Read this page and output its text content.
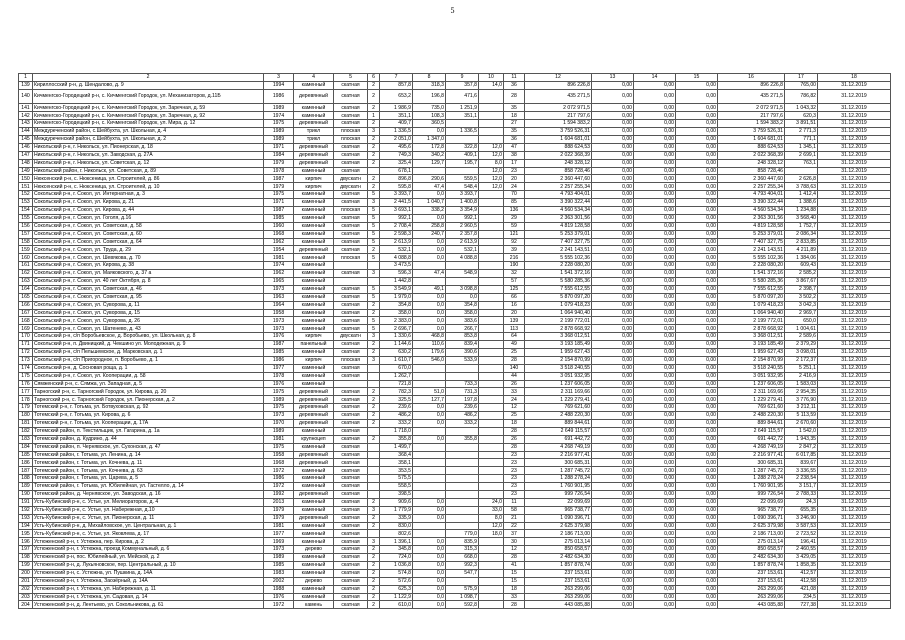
5
1	2	3	4	5	6	7	8	9	10	11	12	13	14	15	16	17	18
139	Кириллосский р-н, д. Шендалово, д. 9	1994	каменный	скатная	2	857,8	318,3	357,8	14,0	36	896 226,8	0,00	0,00	0,00	896 226,8	765,00	31.12.2019
140	Кичменгско-Городецкий р-н, с. Кичменгский Городок, ул. Механизаторов, д.11Б	1986	деревянный	скатная	2	653,2	196,8	471,6		28	435 271,5	0,00	0,00	0,00	435 271,5	786,82	31.12.2019
141	Кичменгско-Городецкий р-н, с. Кичменгский Городок, ул. Заречная, д. 59	1989	каменный	скатная	2	1 986,9	735,0	1 251,9		35	2 072 971,5	0,00	0,00	0,00	2 072 971,5	1 043,32	31.12.2019
142	Кичменгско-Городецкий р-н, с. Кичменгский Городок, ул. Заречная, д. 92	1974	каменный	скатная	1	351,1	108,3	351,1		18	217 797,6	0,00	0,00	0,00	217 797,6	620,3	31.12.2019
143	Кичменгско-Городецкий р-н, с. Кичменгский Городок, ул. Мира, д. 12	1975	деревянный	скатная	2	409,7	360,5			27	1 594 383,2	0,00	0,00	0,00	1 594 383,2	3 891,51	31.12.2019
144	Междуреченский район, с.Шейбухта, ул. Школьная, д. 4	1989	трикл	плоская	3	1 336,5	0,0	1 336,5		35	3 759 526,31	0,00	0,00	0,00	3 759 526,31	2 771,3	31.12.2019
145	Междуреченский район, с.Шейбухта, ул. Школьная, д. 2	1989	трикл	плоская	2	2 051,0	1 347,0			36	1 604 681,01	0,00	0,00	0,00	1 604 681,01	771,1	31.12.2019
146	Никольский р-н, г. Никольск, ул. Пионерская, д. 18	1971	деревянный	скатная	2	495,6	172,8	322,8	12,0	47	888 624,53	0,00	0,00	0,00	888 624,53	1 345,1	31.12.2019
147	Никольский р-н, г. Никольск, ул. Заводская, д. 27А	1984	деревянный	скатная	2	749,3	340,2	409,1	12,0	38	2 022 368,39	0,00	0,00	0,00	2 022 368,39	2 699,1	31.12.2019
148	Никольский р-н, г. Никольск, ул. Советская, д. 12	1979	деревянный	скатная	2	325,4	129,7	195,7	8,0	17	248 328,12	0,00	0,00	0,00	248 328,12	763,1	31.12.2019
149	Никольский район, г. Никольск, ул. Советская, д. 89	1978	каменный	скатная		678,1			12,0	23	858 728,46	0,00	0,00	0,00	858 728,46		31.12.2019
150	Нюксенский р-н, с. Нюксеница, ул. Строителей, д. 86	1987	кирпич	двускатн	2	896,8	290,6	559,5	12,0	20	2 360 447,60	0,00	0,00	0,00	2 360 447,60	2 626,8	31.12.2019
151	Нюксенский р-н, с. Нюксеница, ул. Строителей, д. 10	1979	кирпич	двускатн	2	595,8	47,4	548,4	12,0	24	2 257 255,34	0,00	0,00	0,00	2 257 255,34	3 788,63	31.12.2019
152	Сокольский р-н, г. Сокол, ул. Интернатная, д. 3	1975	каменный	скатная	5	3 393,7	0,0	3 393,7		70	4 793 404,01	0,00	0,00	0,00	4 793 404,01	1 412,4	31.12.2019
153	Сокольский р-н, г. Сокол, ул. Кирова, д. 21	1971	каменный	скатная	3	2 441,5	1 040,7	1 400,8		85	3 390 322,44	0,00	0,00	0,00	3 390 322,44	1 388,6	31.12.2019
154	Сокольский р-н, г. Сокол, ул. Кирова, д. 44	1987	каменный	плоская	5	3 693,1	338,2	3 354,9		136	4 560 534,34	0,00	0,00	0,00	4 560 534,34	1 234,88	31.12.2019
155	Сокольский р-н, г. Сокол, ул. Гоголя, д.16	1985	каменный	скатная	5	992,1	0,0	992,1		29	2 363 301,56	0,00	0,00	0,00	2 363 301,56	3 568,40	31.12.2019
156	Сокольский р-н, г. Сокол, ул. Советская, д. 58	1960	каменный	скатная	5	2 708,4	258,8	2 960,5		59	4 819 128,58	0,00	0,00	0,00	4 819 128,58	1 752,7	31.12.2019
157	Сокольский р-н, г. Сокол, ул. Советская, д. 60	1968	каменный	скатная	5	2 598,3	240,7	2 357,8		121	5 253 379,01	0,00	0,00	0,00	5 253 379,01	2 086,34	31.12.2019
158	Сокольский р-н, г. Сокол, ул. Советская, д. 64	1962	каменный	скатная	5	2 613,9	0,0	2 613,9		92	7 407 327,75	0,00	0,00	0,00	7 407 327,75	2 833,85	31.12.2019
159	Сокольский р-н, г. Сокол, ул. Труда, д. 29	1954	деревянный	скатная	2	532,1	0,0	532,1		39	2 241 143,51	0,00	0,00	0,00	2 241 143,51	4 211,89	31.12.2019
160	Сокольский р-н, г. Сокол, ул. Шевякова, д. 70	1981	каменный	плоская	5	4 088,8	0,0	4 088,8		216	5 555 102,36	0,00	0,00	0,00	5 555 102,36	1 384,06	31.12.2019
161	Сокольский р-н, г. Сокол, ул. Кирова, д. 38	1974	каменный			3 473,5				190	2 228 080,20	0,00	0,00	0,00	2 228 080,20	609,43	31.12.2019
162	Сокольский р-н, г. Сокол, ул. Маяковского, д. 37 а	1962	каменный	скатная	3	596,3	47,4	548,9		32	1 541 372,16	0,00	0,00	0,00	1 541 372,16	2 585,2	31.12.2019
163	Сокольский р-н, г. Сокол, ул. 40 лет Октября, д. 8	1965	каменный			1 442,8				57	5 580 285,36	0,00	0,00	0,00	5 580 285,36	3 867,67	31.12.2019
164	Сокольский р-н, г. Сокол, ул. Советская, д. 46	1973	каменный	скатная	5	3 549,9	49,1	3 098,8		125	7 555 612,55	0,00	0,00	0,00	7 555 612,55	2 398,7	31.12.2019
165	Сокольский р-н, г. Сокол, ул. Советская, д. 95	1963	каменный	скатная	5	1 979,0	0,0	0,0		66	5 870 097,20	0,00	0,00	0,00	5 870 097,20	3 502,2	31.12.2019
166	Сокольский р-н, г. Сокол, ул. Суворова, д. 11	1964	каменный	скатная	2	354,8	0,0	354,8		16	1 079 418,23	0,00	0,00	0,00	1 079 418,23	3 042,3	31.12.2019
167	Сокольский р-н, г. Сокол, ул. Суворова, д. 15	1958	каменный	скатная	2	358,0	0,0	358,0		20	1 064 940,40	0,00	0,00	0,00	1 064 940,40	2 969,7	31.12.2019
168	Сокольский р-н, г. Сокол, ул. Суворова, д. 26	1973	каменный	скатная	5	2 383,0	0,0	383,6		139	2 199 772,01	0,00	0,00	0,00	2 199 772,01	650,0	31.12.2019
169	Сокольский р-н, г. Сокол, ул. Шатенево, д. 43	1973	каменный	скатная	5	2 696,7	0,0	266,7		113	2 878 668,92	0,00	0,00	0,00	2 878 668,92	1 004,61	31.12.2019
170	Сокольский р-н, с/п Воробьевское, д. Воробьево, ул. Школьная, д. 8	1976	кирпич	двускатн	3	1 330,6	468,8	853,8		64	3 368 012,51	0,00	0,00	0,00	3 368 012,51	2 589,6	31.12.2019
171	Сокольский р-н, п. Двиницкий, д. Чекшино ул. Молодежная, д. 9	1987	панельный	скатная	2	1 144,6	110,6	839,4		49	3 193 185,49	0,00	0,00	0,00	3 193 185,49	2 379,29	31.12.2019
172	Сокольский р-н, с/п Пельшемское, д. Марковская, д. 1	1985	каменный	скатная	2	630,2	179,6	390,6		25	1 959 627,43	0,00	0,00	0,00	1 959 627,43	3 098,01	31.12.2019
173	Сокольский р-н, с/п Пригородное, п. Воробьево, д. 1	1986	кирпич	плоская	3	1 610,7	546,0	533,9		28	2 154 870,99	0,00	0,00	0,00	2 154 870,99	2 172,37	31.12.2019
174	Сокольский р-н, д. Сосновая роща, д. 1	1977	каменный	скатная		670,0				140	3 518 240,55	0,00	0,00	0,00	3 518 240,55	5 251,1	31.12.2019
175	Сокольский р-н, г. Сокол, ул. Кооперации, д. 58	1978	каменный	скатная		1 262,7				44	3 051 932,95	0,00	0,00	0,00	3 051 932,95	2 416,9	31.12.2019
176	Сямженский р-н, с. Сямжа, ул. Западная, д. 5	1976	каменный			721,8		733,3		26	1 237 606,05	0,00	0,00	0,00	1 237 606,05	1 583,03	31.12.2019
177	Тарногский р-н, с. Тарногский Городок, ул. Кирова, д. 20	1975	деревянный	скатная	2	782,3	51,0	731,3		33	2 311 169,66	0,00	0,00	0,00	2 311 169,66	2 954,35	31.12.2019
178	Тарногский р-н, с. Тарногский Городок, ул. Пионерская, д. 2	1989	деревянный	скатная	2	325,5	127,7	197,8		24	1 229 279,41	0,00	0,00	0,00	1 229 279,41	3 776,90	31.12.2019
179	Тотемский р-н, г. Тотьма, ул. Ботвуховская, д. 92	1975	деревянный	скатная	2	239,6	0,0	239,6		12	769 621,60	0,00	0,00	0,00	769 621,60	3 212,11	31.12.2019
180	Тотемский р-н, г. Тотьма, ул. Кирова, д. 6	1973	деревянный	скатная	2	486,2	0,0	486,2		25	2 488 220,30	0,00	0,00	0,00	2 488 220,30	5 113,59	31.12.2019
181	Тотемский р-н, г. Тотьма, ул. Кооперации, д. 17А	1970	деревянный	скатная	2	333,2	0,0	333,2		18	889 844,61	0,00	0,00	0,00	889 844,61	2 670,60	31.12.2019
182	Тотемский район, п. Текстильщик, ул. Гагарина, д. 1а	1989	каменный	скатная		1 718,0				28	2 649 115,57	0,00	0,00	0,00	2 649 115,57	1 542,0	31.12.2019
183	Тотемский район, д. Кудрино, д. 44	1981	крупноцеп	скатная	2	355,8	0,0	355,8		26	691 442,72	0,00	0,00	0,00	691 442,72	1 943,35	31.12.2019
184	Тотемский район, п. Чернявское, ул. Сухонская, д. 47	1975	каменный	скатная		1 499,7				28	4 268 749,19	0,00	0,00	0,00	4 268 749,19	2 847,2	31.12.2019
185	Тотемский район, г. Тотьма, ул. Ленина, д. 14	1958	деревянный	скатная		368,4				23	2 216 977,41	0,00	0,00	0,00	2 216 977,41	6 017,85	31.12.2019
186	Тотемский район, г. Тотьма, ул. Кочнева, д. 11	1968	деревянный	скатная		358,1				23	300 685,31	0,00	0,00	0,00	300 685,31	839,67	31.12.2019
187	Тотемский район, г. Тотьма, ул. Кочнева, д. 63	1972	каменный	скатная		353,5				23	1 287 745,72	0,00	0,00	0,00	1 287 745,72	3 336,55	31.12.2019
188	Тотемский район, г. Тотьма, ул. Царева, д. 5	1986	каменный	скатная		575,5				23	1 288 278,24	0,00	0,00	0,00	1 288 278,24	2 238,54	31.12.2019
189	Тотемский район, г. Тотьма, ул. Юбилейная, ул. Гастелло, д. 14	1972	каменный	скатная		558,5				23	1 760 901,95	0,00	0,00	0,00	1 760 901,95	3 151,7	31.12.2019
190	Тотемский район, д. Чернявское, ул. Заводская, д. 16	1992	деревянный	скатная		398,5				23	999 726,54	0,00	0,00	0,00	999 726,54	2 788,33	31.12.2019
191	Усть-Кубинский р-н, с. Устье, ул. Мелиораторов, д. 4	2013	каменный	скатная	2	909,6	0,0		24,0	11	22 099,69	0,00	0,00	0,00	22 099,69	24,3	31.12.2019
192	Усть-Кубинский р-н, с. Устье, ул. Набережная, д.10	1979	каменный	скатная	3	1 779,9	0,0		33,0	58	965 738,77	0,00	0,00	0,00	965 738,77	655,35	31.12.2019
193	Усть-Кубинский р-н, с. Устье, ул. Пионерская, д. 11	1979	деревянный	скатная	2	335,9	0,0		8,0	21	1 090 396,71	0,00	0,00	0,00	1 090 396,71	3 246,90	31.12.2019
194	Усть-Кубинский р-н, д. Михайловское, ул. Центральная, д. 1	1981	каменный	скатная	2	830,0			12,0	22	2 625 379,98	0,00	0,00	0,00	2 625 379,98	3 587,53	31.12.2019
195	Усть-Кубинский р-н, с. Устье, ул. Яковлева, д. 17	1977	каменный	скатная		802,6		779,0	18,0	37	2 186 713,00	0,00	0,00	0,00	2 186 713,00	2 723,52	31.12.2019
196	Устюженский р-н, г. Устюжна, пер. Кирова, д. 2	1969	каменный	скатная	3	1 396,1	0,0	835,9		30	275 013,14	0,00	0,00	0,00	275 013,14	196,41	31.12.2019
197	Устюженский р-н, г. Устюжна, проезд Коммунальный, д. 6	1973	дерево	скатная	2	345,8	0,0	315,3		12	850 658,57	0,00	0,00	0,00	850 658,57	2 460,55	31.12.2019
198	Устюженский р-н, пос. Юбилейный, ул. Мейской, д. 2	1989	каменный	скатная	2	724,0	0,0	668,0		28	2 482 634,30	0,00	0,00	0,00	2 482 634,30	3 429,05	31.12.2019
199	Устюженский р-н, д. Лукьяновское, пер. Центральный, д. 10	1985	каменный	скатная	2	1 036,8	0,0	992,3		41	1 857 878,74	0,00	0,00	0,00	1 857 878,74	1 858,35	31.12.2019
200	Устюженский р-н, с. Устюжна, ул. Пушкина, д. 14А	1983	каменный	скатная	2	574,8	0,0	547,7		15	237 153,61	0,00	0,00	0,00	237 153,61	412,57	31.12.2019
201	Устюженский р-н, г. Устюжна, Заозёрный, д. 14А	2002	дерево	скатная	2	572,6	0,0			15	237 153,61	0,00	0,00	0,00	237 153,61	412,58	31.12.2019
202	Устюженский р-н, г. Устюжна, ул. Набережная, д. 11	1988	каменный	скатная	2	625,3	0,0	575,9		18	263 299,06	0,00	0,00	0,00	263 299,06	421,08	31.12.2019
203	Устюженский р-н, г. Устюжна, ул. Садовая, д. 14	1976	каменный	скатная	2	1 122,9	0,0	1 098,7		33	263 299,06	0,00	0,00	0,00	263 299,06	234,5	31.12.2019
204	Устюженский р-н, д. Лентьево, ул. Сокольникова, д. 61	1972	камень	скатная	2	610,0	0,0	592,8		28	443 085,88	0,00	0,00	0,00	443 085,88	727,38	31.12.2019
